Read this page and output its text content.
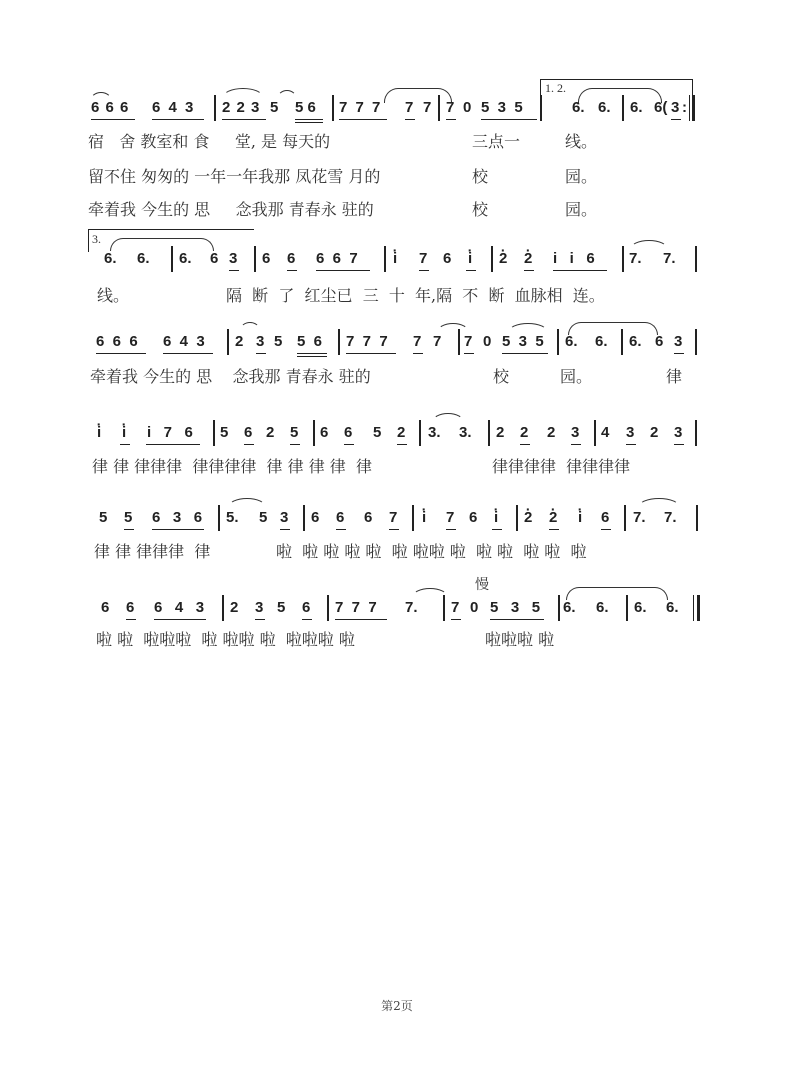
1. 2.
6 6 6 6 4 3 2 2 3 5 5 6 7 7 7 7 7 7 0 5  3  5	6. 6. 6. 6( 3 :
宿   舍 教室和 食     堂, 是 每天的	三点一	线。
留不住 匆匆的 一年一年我那 凤花雪 月的	校	园。
牵着我 今生的 思     念我那 青春永 驻的	校	园。
3.
6. 6. 6. 6 3 6 6 6  6  7 · i 7 6 · i · 2 · 2 i   i   6 7. 7.
线。	隔  断  了  红尘已  三  十  年,隔  不  断  血脉相  连。
6  6  6 6  4  3 2 3 5 5  6 7  7  7 7 7 7 0 5  3  5 6. 6. 6. 6 3
牵着我 今生的 思    念我那 青春永 驻的	校	园。	律
· i · i i   7   6 5 6 2 5 6 6 5 2 3. 3. 2 2 2 3 4 3 2 3
律 律 律律律  律律律律  律 律 律 律  律	律律律律  律律律律
5 5 6   3   6 5. 5 3 6 6 6 7 · i 7 6 · i · 2 · 2 · i 6 7. 7.
律 律 律律律  律	啦  啦 啦 啦 啦  啦 啦啦 啦  啦 啦  啦 啦  啦
慢
6 6 6   4   3 2 3 5 6 7  7  7 7. 7 0 5   3   5 6. 6. 6. 6.
啦 啦  啦啦啦  啦 啦啦 啦  啦啦啦 啦	啦啦啦 啦
第2页
